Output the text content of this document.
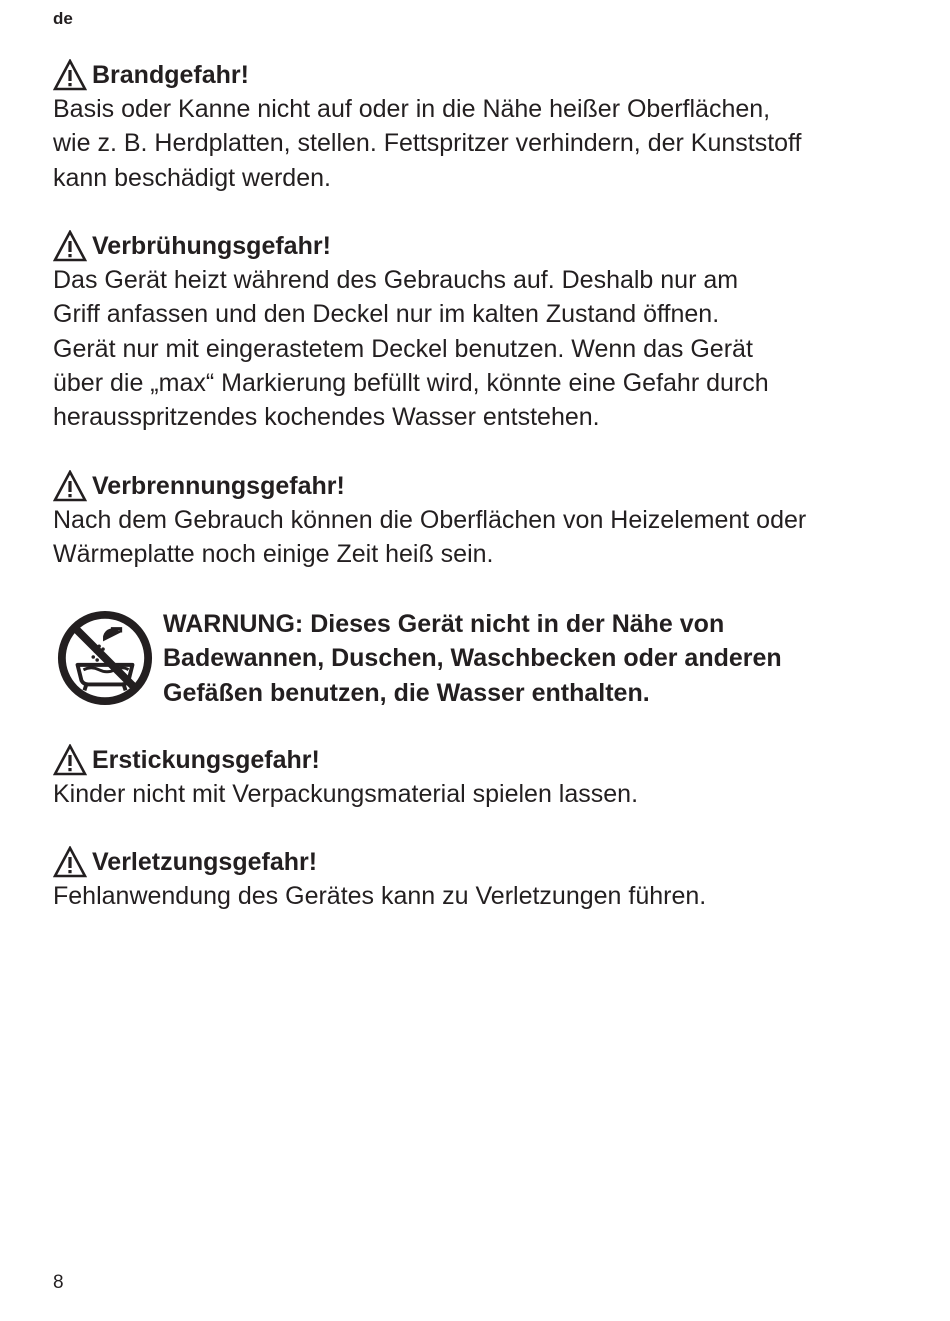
de
Brandgefahr!
Basis oder Kanne nicht auf oder in die Nähe heißer Oberflächen,
wie z. B. Herdplatten, stellen. Fettspritzer verhindern, der Kunststoff
kann beschädigt werden.
Verbrühungsgefahr!
Das Gerät heizt während des Gebrauchs auf. Deshalb nur am
Griff anfassen und den Deckel nur im kalten Zustand öffnen.
Gerät nur mit eingerastetem Deckel benutzen. Wenn das Gerät
über die „max“ Markierung befüllt wird, könnte eine Gefahr durch
herausspritzendes kochendes Wasser entstehen.
Verbrennungsgefahr!
Nach dem Gebrauch können die Oberflächen von Heizelement oder
Wärmeplatte noch einige Zeit heiß sein.
WARNUNG: Dieses Gerät nicht in der Nähe von
Badewannen, Duschen, Waschbecken oder anderen
Gefäßen benutzen, die Wasser enthalten.
Erstickungsgefahr!
Kinder nicht mit Verpackungsmaterial spielen lassen.
Verletzungsgefahr!
Fehlanwendung des Gerätes kann zu Verletzungen führen.
8
